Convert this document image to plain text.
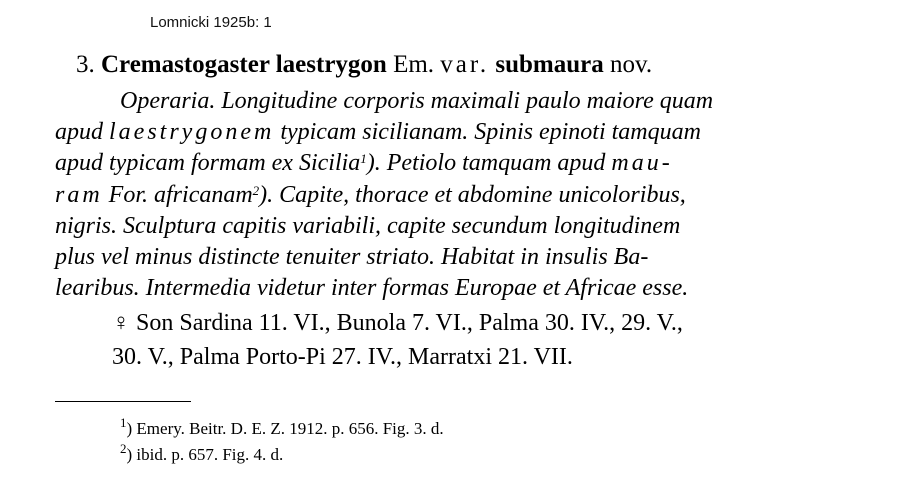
Lomnicki 1925b: 1
3. Cremastogaster laestrygon Em. var. submaura nov.
Operaria. Longitudine corporis maximali paulo maiore quam
apud laestrygonem typicam sicilianam. Spinis epinoti tamquam
apud typicam formam ex Sicilia$^1$). Petiolo tamquam apud mau-
ram For. africanam$^2$). Capite, thorace et abdomine unicoloribus,
nigris. Sculptura capitis variabili, capite secundum longitudinem
plus vel minus distincte tenuiter striato. Habitat in insulis Ba-
learibus. Intermedia videtur inter formas Europae et Africae esse.
♀ Son Sardina 11. VI., Bunola 7. VI., Palma 30. IV., 29. V.,
30. V., Palma Porto-Pi 27. IV., Marratxi 21. VII.
$^1$) Emery. Beitr. D. E. Z. 1912. p. 656. Fig. 3. d.
$^2$) ibid. p. 657. Fig. 4. d.
